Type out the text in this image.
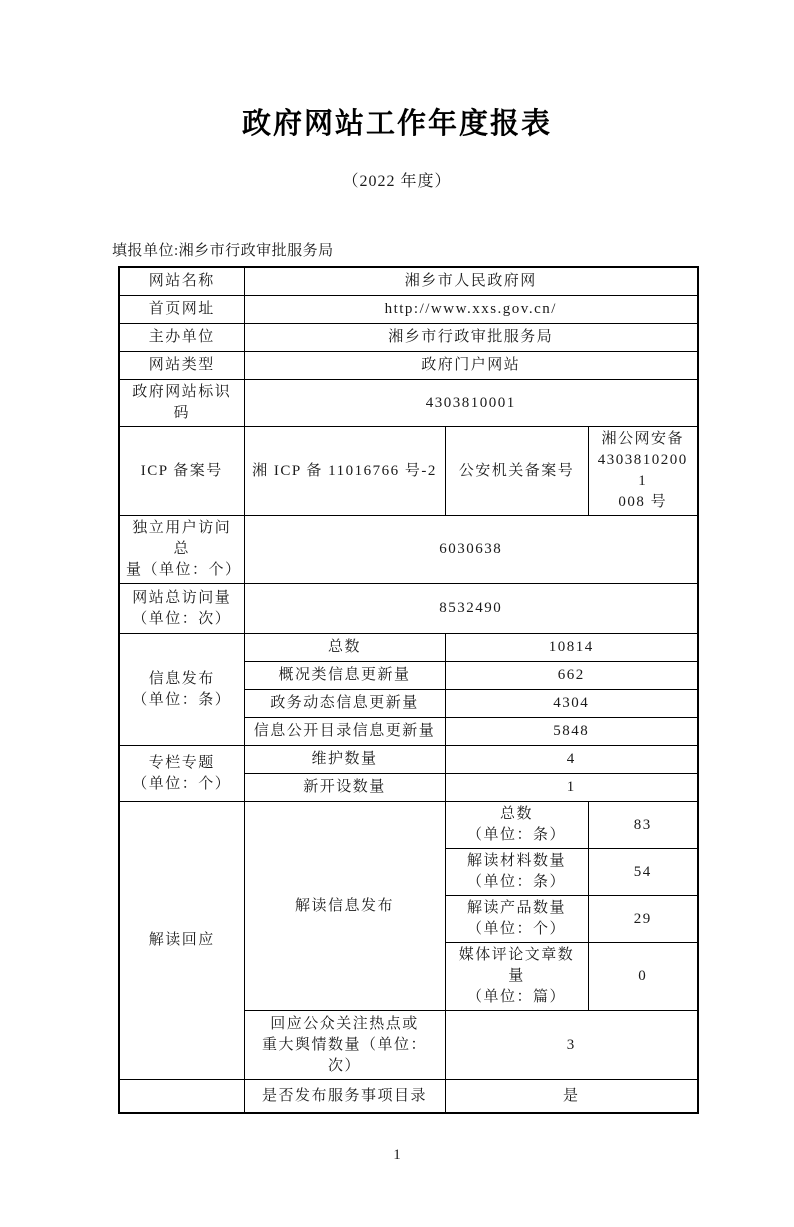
政府网站工作年度报表
（2022 年度）
填报单位:湘乡市行政审批服务局
网站名称	湘乡市人民政府网		
首页网址	http://www.xxs.gov.cn/		
主办单位	湘乡市行政审批服务局		
网站类型	政府门户网站		
政府网站标识码	4303810001		
ICP 备案号	湘 ICP 备 11016766 号-2	公安机关备案号	湘公网安备
43038102001
008 号
独立用户访问总
量（单位：个）	6030638		
网站总访问量
（单位：次）	8532490		
信息发布
（单位：条）	总数	10814	
	概况类信息更新量	662	
	政务动态信息更新量	4304	
	信息公开目录信息更新量	5848	
专栏专题
（单位：个）	维护数量	4	
	新开设数量	1	
解读回应	解读信息发布	总数
（单位：条）	83
		解读材料数量
（单位：条）	54
		解读产品数量
（单位：个）	29
		媒体评论文章数量
（单位：篇）	0
	回应公众关注热点或
重大舆情数量（单位：
次）	3	
	是否发布服务事项目录	是	
1
